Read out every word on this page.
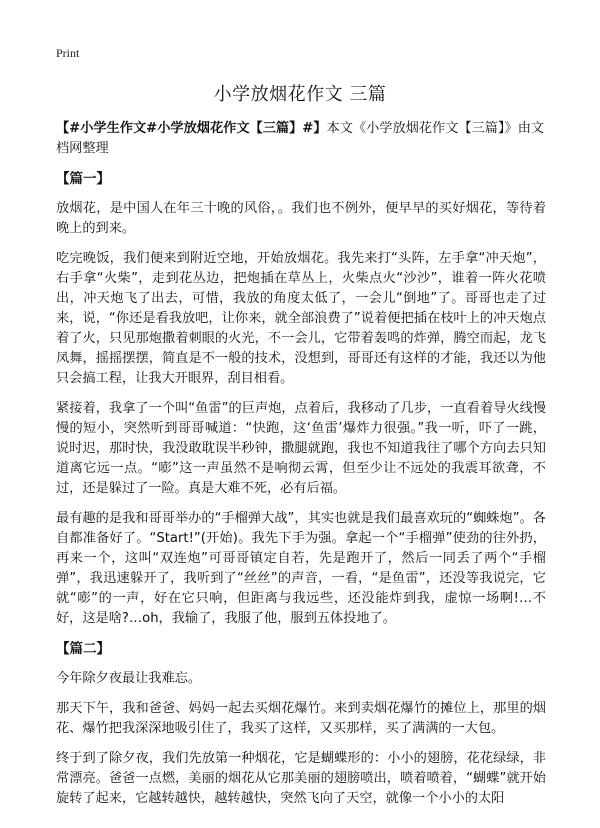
Print
小学放烟花作文 三篇

【#小学生作文#小学放烟花作文【三篇】#】本文《小学放烟花作文【三篇】》由文档网整理

【篇一】

放烟花，是中国人在年三十晚的风俗，。我们也不例外，便早早的买好烟花，等待着晚上的到来。

吃完晚饭，我们便来到附近空地，开始放烟花。我先来打“头阵，左手拿“冲天炮”，右手拿“火柴”，走到花丛边，把炮插在草丛上，火柴点火“沙沙”，谁着一阵火花喷出，冲天炮飞了出去，可惜，我放的角度太低了，一会儿“倒地”了。哥哥也走了过来，说，“你还是看我放吧，让你来，就全部浪费了”说着便把插在枝叶上的冲天炮点着了火，只见那炮撒着刺眼的火光，不一会儿，它带着轰鸣的炸弹，腾空而起，龙飞凤舞，摇摇摆摆，简直是不一般的技术，没想到，哥哥还有这样的才能，我还以为他只会搞工程，让我大开眼界，刮目相看。

紧接着，我拿了一个叫“鱼雷”的巨声炮，点着后，我移动了几步，一直看着导火线慢慢的短小，突然听到哥哥喊道：“快跑，这‘鱼雷’爆炸力很强。”我一听，吓了一跳，说时迟，那时快，我没敢耽误半秒钟，撒腿就跑，我也不知道我往了哪个方向去只知道离它远一点。“嘭”这一声虽然不是响彻云霄，但至少让不远处的我震耳欲聋，不过，还是躲过了一险。真是大难不死，必有后福。

最有趣的是我和哥哥举办的“手榴弹大战”，其实也就是我们最喜欢玩的“蜘蛛炮”。各自都准备好了。“Start!”(开始)。我先下手为强。拿起一个“手榴弹”使劲的往外扔，再来一个，这叫“双连炮”可哥哥镇定自若，先是跑开了，然后一同丢了两个“手榴弹”，我迅速躲开了，我听到了“丝丝”的声音，一看，“是鱼雷”，还没等我说完，它就“嘭”的一声，好在它只响，但距离与我远些，还没能炸到我，虚惊一场啊!…不好，这是啥?…oh，我输了，我服了他，服到五体投地了。

【篇二】

今年除夕夜最让我难忘。

那天下午，我和爸爸、妈妈一起去买烟花爆竹。来到卖烟花爆竹的摊位上，那里的烟花、爆竹把我深深地吸引住了，我买了这样，又买那样，买了满满的一大包。

终于到了除夕夜，我们先放第一种烟花，它是蝴蝶形的：小小的翅膀，花花绿绿，非常漂亮。爸爸一点燃，美丽的烟花从它那美丽的翅膀喷出，喷着喷着，“蝴蝶”就开始旋转了起来，它越转越快，越转越快，突然飞向了天空，就像一个小小的太阳
